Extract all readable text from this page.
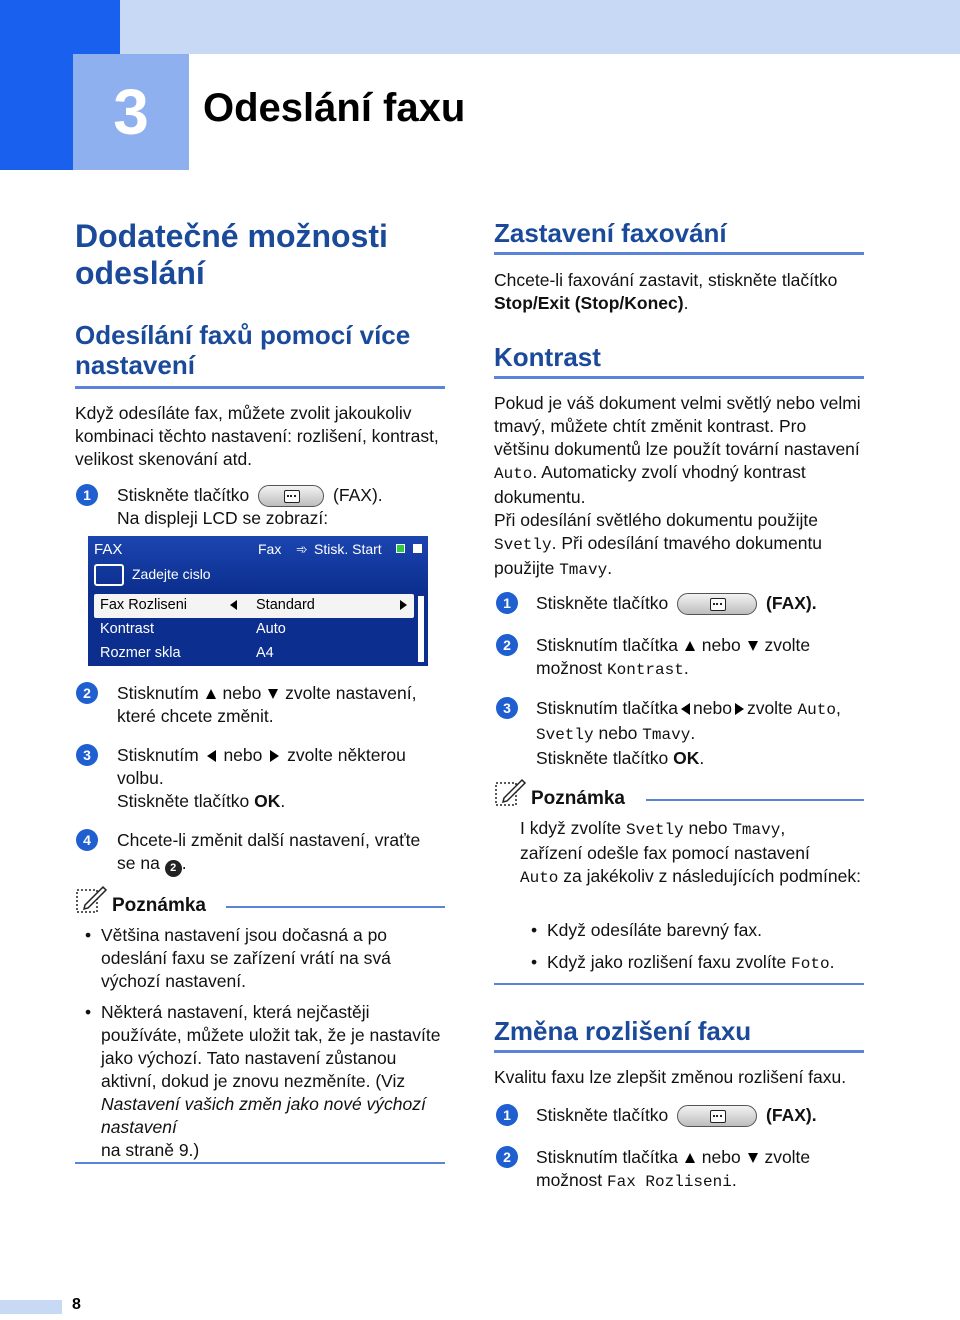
3	Odeslání faxu
Dodatečné možnosti odeslání
Odesílání faxů pomocí více nastavení
Když odesíláte fax, můžete zvolit jakoukoliv kombinaci těchto nastavení: rozlišení, kontrast, velikost skenování atd.
1	Stiskněte tlačítko	(FAX).
Na displeji LCD se zobrazí:
FAX	Fax ➾ Stisk. Start
Zadejte cislo
Fax Rozliseni	Standard
Kontrast	Auto
Rozmer skla	A4
2	Stisknutím nebo zvolte nastavení,
které chcete změnit.
3	Stisknutím nebo zvolte některou
volbu.
Stiskněte tlačítko OK.
4	Chcete-li změnit další nastavení, vraťte
se na 2 .
Poznámka
• Většina nastavení jsou dočasná a po odeslání faxu se zařízení vrátí na svá výchozí nastavení.
• Některá nastavení, která nejčastěji používáte, můžete uložit tak, že je nastavíte jako výchozí. Tato nastavení zůstanou aktivní, dokud je znovu nezměníte. (Viz Nastavení vašich změn jako nové výchozí nastavení
na straně 9.)
Zastavení faxování
Chcete-li faxování zastavit, stiskněte tlačítko
Stop/Exit (Stop/Konec).
Kontrast
Pokud je váš dokument velmi světlý nebo velmi tmavý, můžete chtít změnit kontrast. Pro většinu dokumentů lze použít tovární nastavení Auto. Automaticky zvolí vhodný kontrast dokumentu.
Při odesílání světlého dokumentu použijte Svetly. Při odesílání tmavého dokumentu použijte Tmavy.
1	Stiskněte tlačítko	(FAX).
2	Stisknutím tlačítka nebo zvolte
možnost Kontrast.
3	Stisknutím tlačítka nebo zvolte Auto,
Svetly nebo Tmavy.
Stiskněte tlačítko OK.
Poznámka
I když zvolíte Svetly nebo Tmavy,
zařízení odešle fax pomocí nastavení
Auto za jakékoliv z následujících podmínek:
• Když odesíláte barevný fax.
• Když jako rozlišení faxu zvolíte Foto.
Změna rozlišení faxu
Kvalitu faxu lze zlepšit změnou rozlišení faxu.
1	Stiskněte tlačítko	(FAX).
2	Stisknutím tlačítka nebo zvolte
možnost Fax Rozliseni.
8
